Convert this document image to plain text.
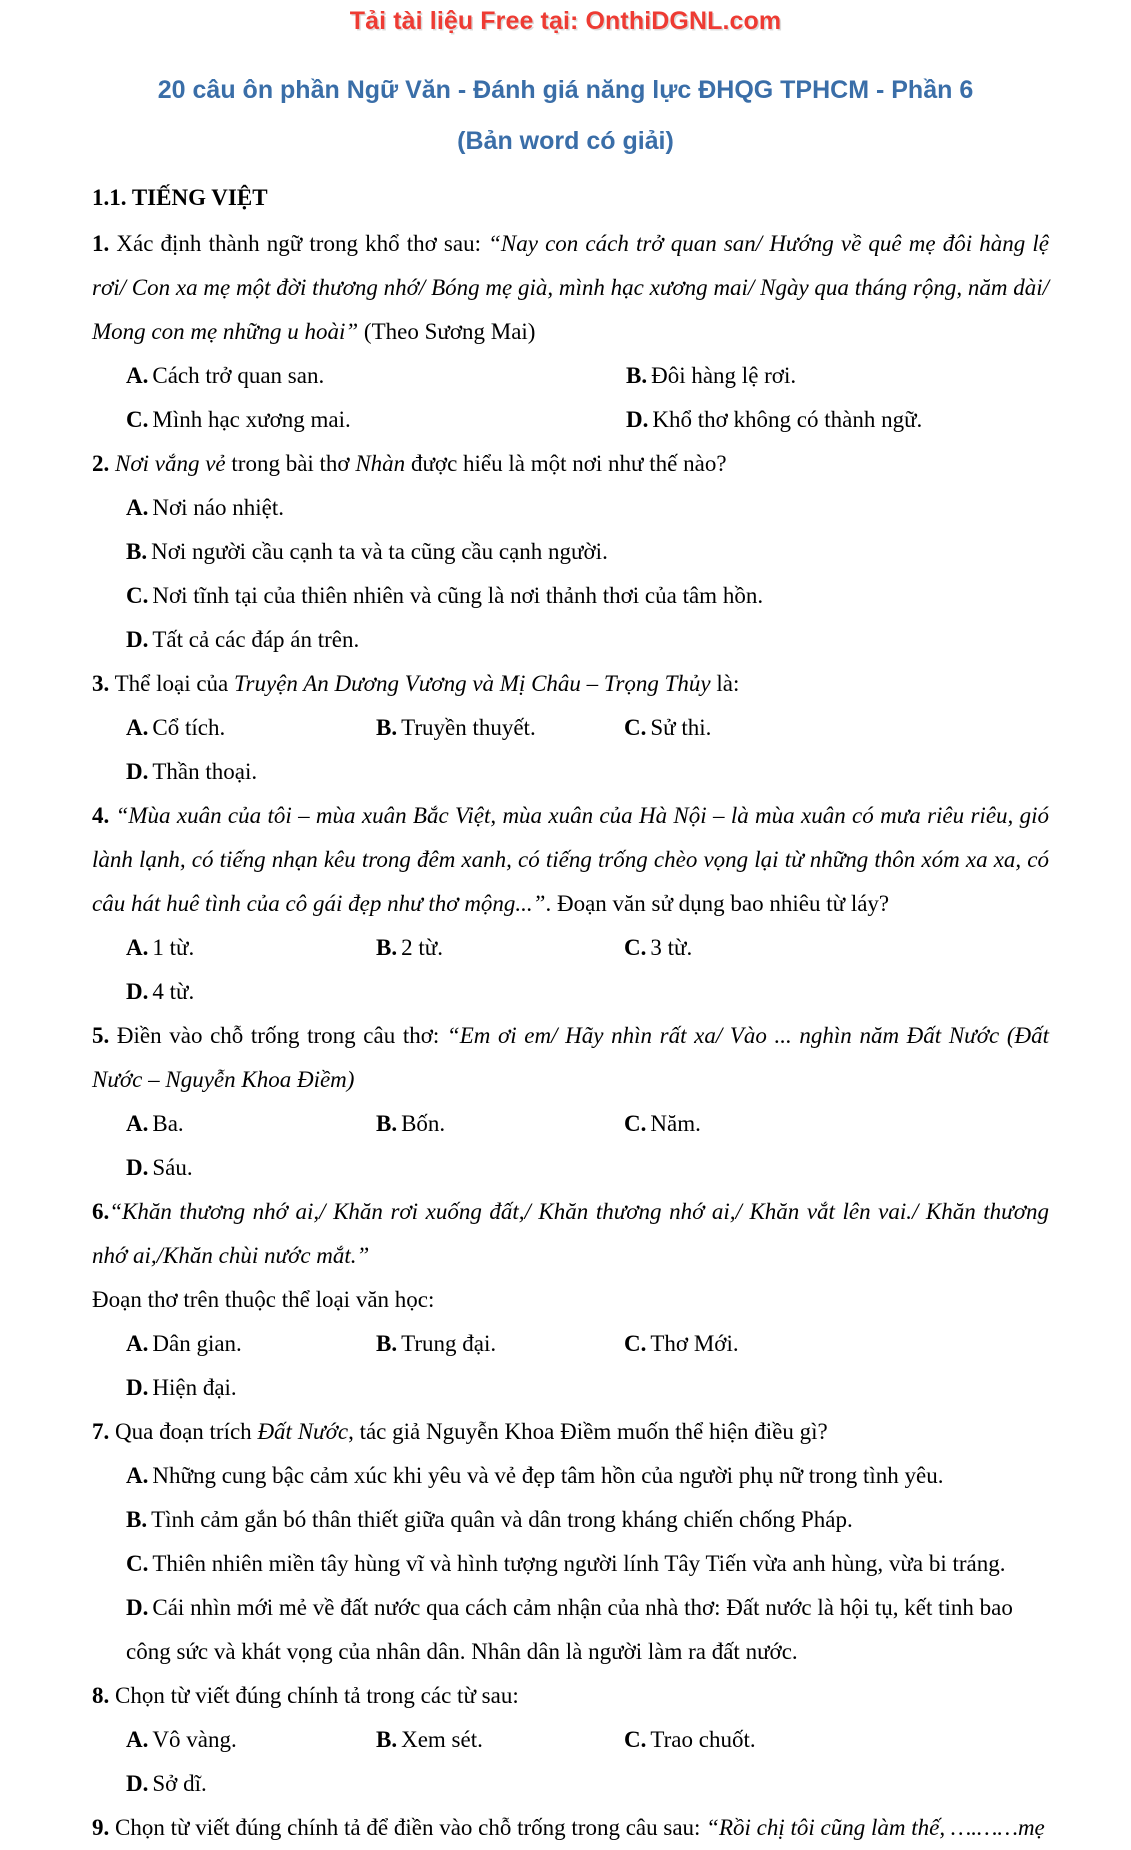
Tải tài liệu Free tại: OnthiDGNL.com
20 câu ôn phần Ngữ Văn - Đánh giá năng lực ĐHQG TPHCM - Phần 6
(Bản word có giải)
1.1. TIẾNG VIỆT

1. Xác định thành ngữ trong khổ thơ sau: “Nay con cách trở quan san/ Hướng về quê mẹ đôi hàng lệ rơi/ Con xa mẹ một đời thương nhớ/ Bóng mẹ già, mình hạc xương mai/ Ngày qua tháng rộng, năm dài/ Mong con mẹ những u hoài” (Theo Sương Mai)

A. Cách trở quan san.	B. Đôi hàng lệ rơi.
C. Mình hạc xương mai.	D. Khổ thơ không có thành ngữ.

2. Nơi vắng vẻ trong bài thơ Nhàn được hiểu là một nơi như thế nào?

A. Nơi náo nhiệt.
B. Nơi người cầu cạnh ta và ta cũng cầu cạnh người.
C. Nơi tĩnh tại của thiên nhiên và cũng là nơi thảnh thơi của tâm hồn.
D. Tất cả các đáp án trên.

3. Thể loại của Truyện An Dương Vương và Mị Châu – Trọng Thủy là:

A. Cổ tích.	B. Truyền thuyết.	C. Sử thi.
D. Thần thoại.

4. “Mùa xuân của tôi – mùa xuân Bắc Việt, mùa xuân của Hà Nội – là mùa xuân có mưa riêu riêu, gió lành lạnh, có tiếng nhạn kêu trong đêm xanh, có tiếng trống chèo vọng lại từ những thôn xóm xa xa, có câu hát huê tình của cô gái đẹp như thơ mộng...”. Đoạn văn sử dụng bao nhiêu từ láy?

A. 1 từ.	B. 2 từ.	C. 3 từ.
D. 4 từ.

5. Điền vào chỗ trống trong câu thơ: “Em ơi em/ Hãy nhìn rất xa/ Vào ... nghìn năm Đất Nước (Đất Nước – Nguyễn Khoa Điềm)

A. Ba.	B. Bốn.	C. Năm.
D. Sáu.

6.“Khăn thương nhớ ai,/ Khăn rơi xuống đất,/ Khăn thương nhớ ai,/ Khăn vắt lên vai./ Khăn thương nhớ ai,/Khăn chùi nước mắt.”

Đoạn thơ trên thuộc thể loại văn học:

A. Dân gian.	B. Trung đại.	C. Thơ Mới.
D. Hiện đại.

7. Qua đoạn trích Đất Nước, tác giả Nguyễn Khoa Điềm muốn thể hiện điều gì?

A. Những cung bậc cảm xúc khi yêu và vẻ đẹp tâm hồn của người phụ nữ trong tình yêu.
B. Tình cảm gắn bó thân thiết giữa quân và dân trong kháng chiến chống Pháp.
C. Thiên nhiên miền tây hùng vĩ và hình tượng người lính Tây Tiến vừa anh hùng, vừa bi tráng.
D. Cái nhìn mới mẻ về đất nước qua cách cảm nhận của nhà thơ: Đất nước là hội tụ, kết tinh bao công sức và khát vọng của nhân dân. Nhân dân là người làm ra đất nước.

8. Chọn từ viết đúng chính tả trong các từ sau:

A. Vô vàng.	B. Xem sét.	C. Trao chuốt.
D. Sở dĩ.

9. Chọn từ viết đúng chính tả để điền vào chỗ trống trong câu sau: “Rồi chị tôi cũng làm thế, ….……mẹ
